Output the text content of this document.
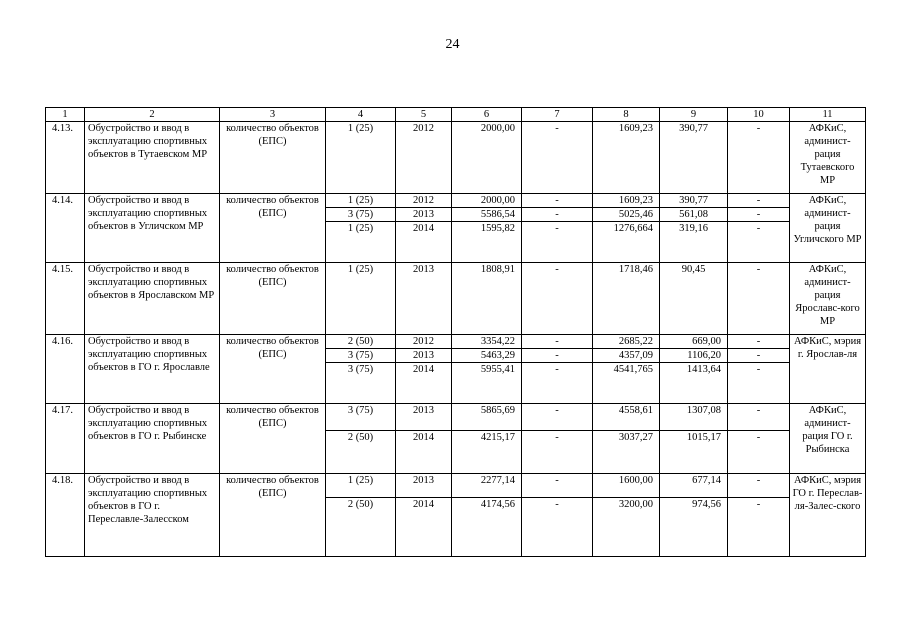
24
1	2	3	4	5	6	7	8	9	10	11
4.13.	Обустройство и ввод в эксплуатацию спортивных объектов в Тутаевском МР	количество объектов (ЕПС)	1 (25)	2012	2000,00	-	1609,23	390,77	-	АФКиС, админист-рация Тутаевского МР
4.14.	Обустройство и ввод в эксплуатацию спортивных объектов в Угличском МР	количество объектов (ЕПС)	1 (25)	2012	2000,00	-	1609,23	390,77	-	АФКиС, админист-рация Угличского МР
			3 (75)	2013	5586,54	-	5025,46	561,08	-	
			1 (25)	2014	1595,82	-	1276,664	319,16	-	
4.15.	Обустройство и ввод в эксплуатацию спортивных объектов в Ярославском МР	количество объектов (ЕПС)	1 (25)	2013	1808,91	-	1718,46	90,45	-	АФКиС, админист-рация Ярославс-кого МР
4.16.	Обустройство и ввод в эксплуатацию спортивных объектов в ГО г. Ярославле	количество объектов (ЕПС)	2 (50)	2012	3354,22	-	2685,22	669,00	-	АФКиС, мэрия г. Ярослав-ля
			3 (75)	2013	5463,29	-	4357,09	1106,20	-	
			3 (75)	2014	5955,41	-	4541,765	1413,64	-	
4.17.	Обустройство и ввод в эксплуатацию спортивных объектов в ГО г. Рыбинске	количество объектов (ЕПС)	3 (75)	2013	5865,69	-	4558,61	1307,08	-	АФКиС, админист-рация ГО г. Рыбинска
			2 (50)	2014	4215,17	-	3037,27	1015,17	-	
4.18.	Обустройство и ввод в эксплуатацию спортивных объектов в ГО г. Переславле-Залесском	количество объектов (ЕПС)	1 (25)	2013	2277,14	-	1600,00	677,14	-	АФКиС, мэрия ГО г. Переслав-ля-Залес-ского
			2 (50)	2014	4174,56	-	3200,00	974,56	-	
